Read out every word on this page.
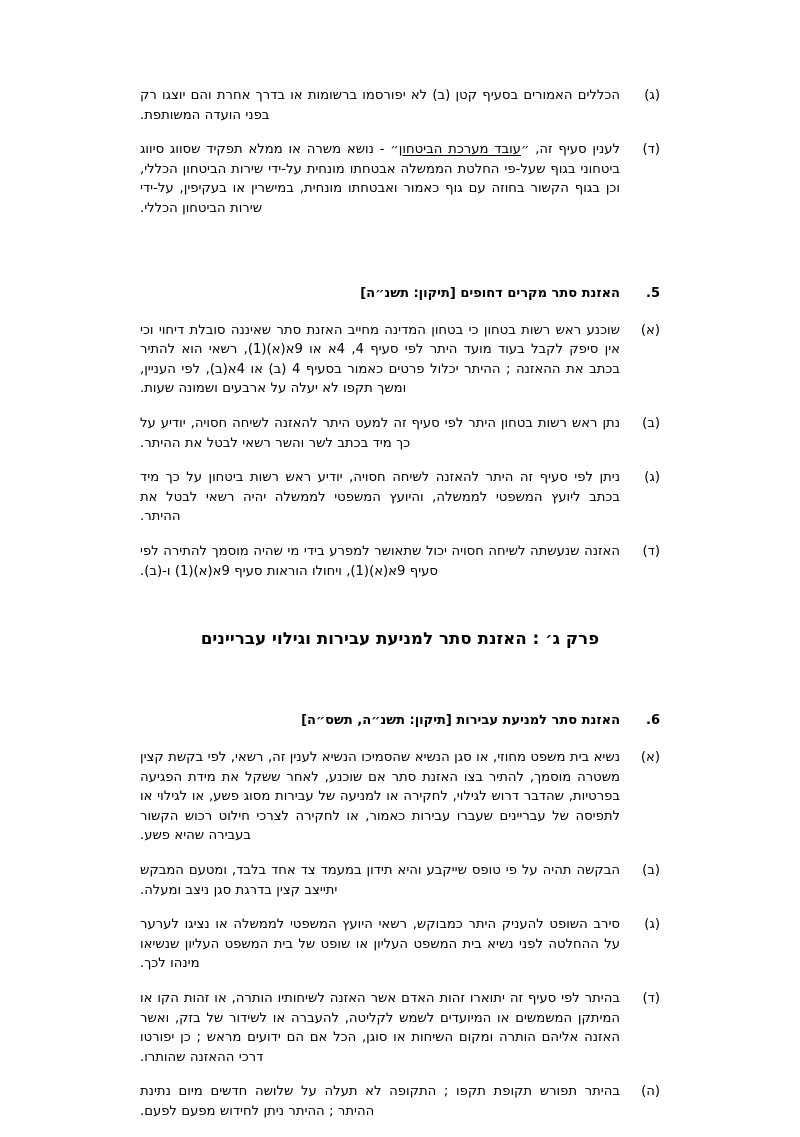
(ג)
הכללים האמורים בסעיף קטן (ב) לא יפורסמו ברשומות או בדרך אחרת והם יוצגו רק בפני הועדה המשותפת.
(ד)
לענין סעיף זה, ״עובד מערכת הביטחון״ - נושא משרה או ממלא תפקיד שסווג סיווג ביטחוני בגוף שעל-פי החלטת הממשלה אבטחתו מונחית על-ידי שירות הביטחון הכללי, וכן בגוף הקשור בחוזה עם גוף כאמור ואבטחתו מונחית, במישרין או בעקיפין, על-ידי שירות הביטחון הכללי.
5.
האזנת סתר מקרים דחופים [תיקון: תשנ״ה]
(א)
שוכנע ראש רשות בטחון כי בטחון המדינה מחייב האזנת סתר שאיננה סובלת דיחוי וכי אין סיפק לקבל בעוד מועד היתר לפי סעיף 4, 4א או 9א(א)(1), רשאי הוא להתיר בכתב את ההאזנה ; ההיתר יכלול פרטים כאמור בסעיף 4 (ב) או 4א(ב), לפי העניין, ומשך תקפו לא יעלה על ארבעים ושמונה שעות.
(ב)
נתן ראש רשות בטחון היתר לפי סעיף זה למעט היתר להאזנה לשיחה חסויה, יודיע על כך מיד בכתב לשר והשר רשאי לבטל את ההיתר.
(ג)
ניתן לפי סעיף זה היתר להאזנה לשיחה חסויה, יודיע ראש רשות ביטחון על כך מיד בכתב ליועץ המשפטי לממשלה, והיועץ המשפטי לממשלה יהיה רשאי לבטל את ההיתר.
(ד)
האזנה שנעשתה לשיחה חסויה יכול שתאושר למפרע בידי מי שהיה מוסמך להתירה לפי סעיף 9א(א)(1), ויחולו הוראות סעיף 9א(א)(1) ו-(ב).
פרק ג׳ : האזנת סתר למניעת עבירות וגילוי עבריינים
6.
האזנת סתר למניעת עבירות [תיקון: תשנ״ה, תשס״ה]
(א)
נשיא בית משפט מחוזי, או סגן הנשיא שהסמיכו הנשיא לענין זה, רשאי, לפי בקשת קצין משטרה מוסמך, להתיר בצו האזנת סתר אם שוכנע, לאחר ששקל את מידת הפגיעה בפרטיות, שהדבר דרוש לגילוי, לחקירה או למניעה של עבירות מסוג פשע, או לגילוי או לתפיסה של עבריינים שעברו עבירות כאמור, או לחקירה לצרכי חילוט רכוש הקשור בעבירה שהיא פשע.
(ב)
הבקשה תהיה על פי טופס שייקבע והיא תידון במעמד צד אחד בלבד, ומטעם המבקש יתייצב קצין בדרגת סגן ניצב ומעלה.
(ג)
סירב השופט להעניק היתר כמבוקש, רשאי היועץ המשפטי לממשלה או נציגו לערער על ההחלטה לפני נשיא בית המשפט העליון או שופט של בית המשפט העליון שנשיאו מינהו לכך.
(ד)
בהיתר לפי סעיף זה יתוארו זהות האדם אשר האזנה לשיחותיו הותרה, או זהות הקו או המיתקן המשמשים או המיועדים לשמש לקליטה, להעברה או לשידור של בזק, ואשר האזנה אליהם הותרה ומקום השיחות או סוגן, הכל אם הם ידועים מראש ; כן יפורטו דרכי ההאזנה שהותרו.
(ה)
בהיתר תפורש תקופת תקפו ; התקופה לא תעלה על שלושה חדשים מיום נתינת ההיתר ; ההיתר ניתן לחידוש מפעם לפעם.
